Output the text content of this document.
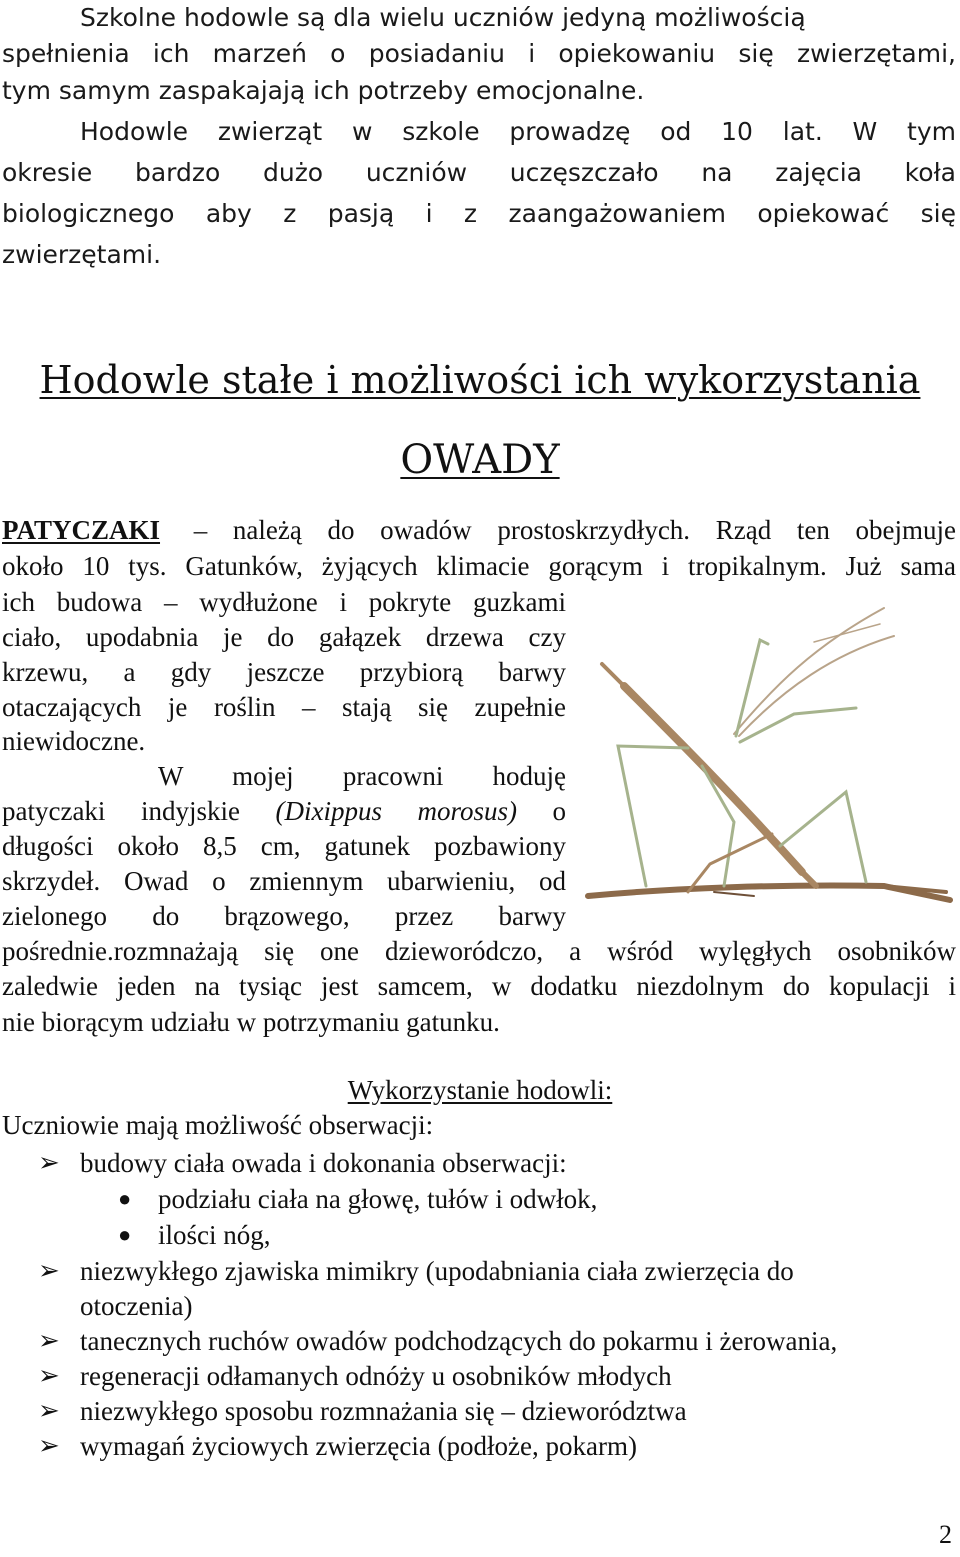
Szkolne hodowle są dla wielu uczniów jedyną możliwością
spełnienia ich marzeń o posiadaniu i opiekowaniu się zwierzętami,
tym samym zaspakajają ich potrzeby emocjonalne.
Hodowle zwierząt w szkole prowadzę od 10 lat. W tym
okresie bardzo dużo uczniów uczęszczało na zajęcia koła
biologicznego aby z pasją i z zaangażowaniem opiekować się
zwierzętami.
Hodowle stałe i możliwości ich wykorzystania
OWADY
PATYCZAKI – należą do owadów prostoskrzydłych. Rząd ten obejmuje
około 10 tys. Gatunków, żyjących klimacie gorącym i tropikalnym. Już sama
ich budowa – wydłużone i pokryte guzkami
ciało, upodabnia je do gałązek drzewa czy
krzewu, a gdy jeszcze przybiorą barwy
otaczających je roślin – stają się zupełnie
niewidoczne.
W mojej pracowni hoduję
patyczaki indyjskie (Dixippus morosus) o
długości około 8,5 cm, gatunek pozbawiony
skrzydeł. Owad o zmiennym ubarwieniu, od
zielonego do brązowego, przez barwy
pośrednie.rozmnażają się one dzieworódczo, a wśród wylęgłych osobników
zaledwie jeden na tysiąc jest samcem, w dodatku niezdolnym do kopulacji i
nie biorącym udziału w potrzymaniu gatunku.
Wykorzystanie hodowli:
Uczniowie mają możliwość obserwacji:
➢ budowy ciała owada i dokonania obserwacji:
● podziału ciała na głowę, tułów i odwłok,
● ilości nóg,
➢ niezwykłego zjawiska mimikry (upodabniania ciała zwierzęcia do
otoczenia)
➢ tanecznych ruchów owadów podchodzących do pokarmu i żerowania,
➢ regeneracji odłamanych odnóży u osobników młodych
➢ niezwykłego sposobu rozmnażania się – dzieworództwa
➢ wymagań życiowych zwierzęcia (podłoże, pokarm)
2
